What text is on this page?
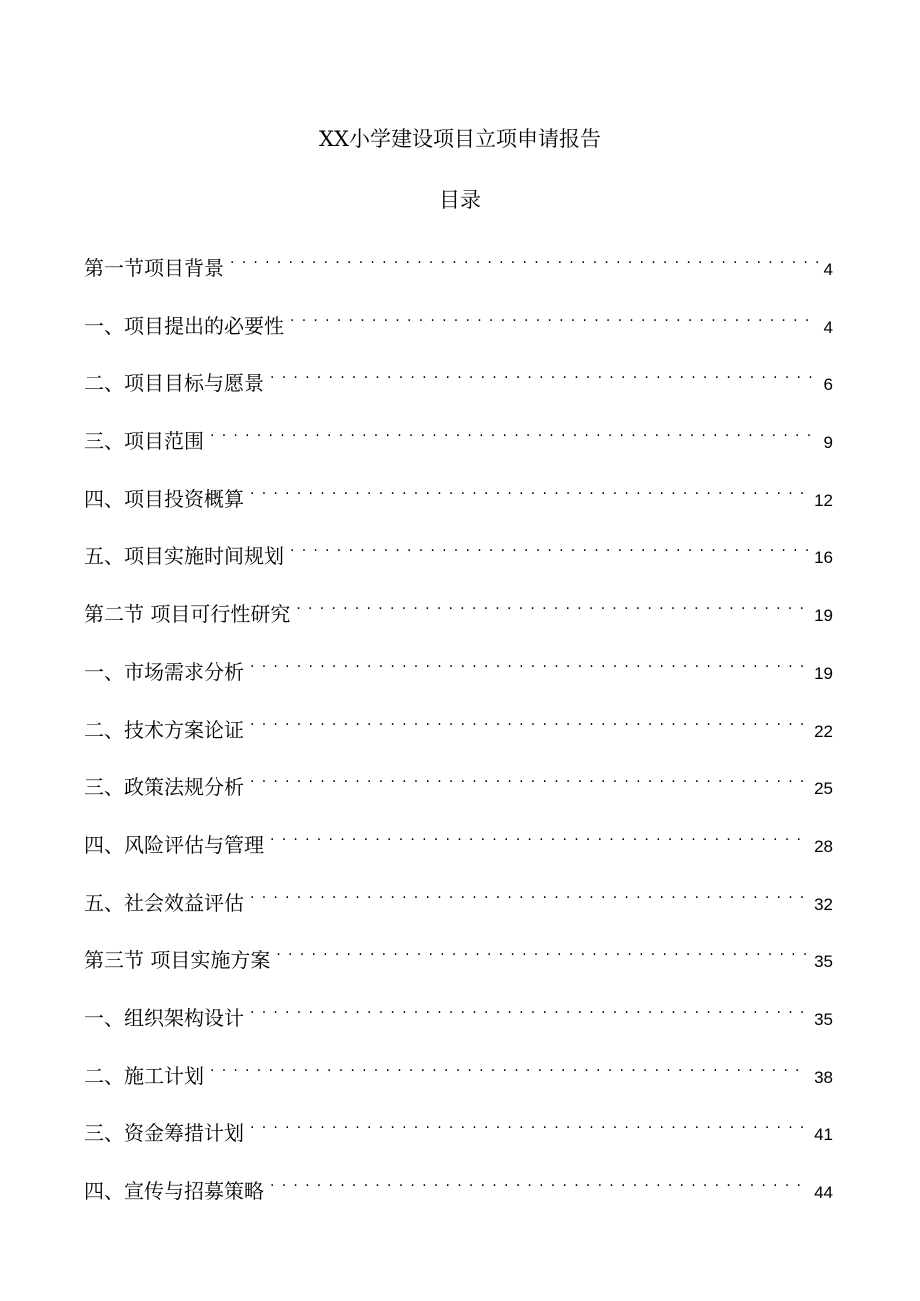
XX小学建设项目立项申请报告
目录
第一节项目背景 . . .	4
一、项目提出的必要性 . . .	4
二、项目目标与愿景 . . .	6
三、项目范围 . . .	9
四、项目投资概算 . . .	12
五、项目实施时间规划 . . .	16
第二节 项目可行性研究 . . .	19
一、市场需求分析 . . .	19
二、技术方案论证 . . .	22
三、政策法规分析 . . .	25
四、风险评估与管理 . . .	28
五、社会效益评估 . . .	32
第三节 项目实施方案 . . .	35
一、组织架构设计 . . .	35
二、施工计划 . . .	38
三、资金筹措计划 . . .	41
四、宣传与招募策略 . . .	44
